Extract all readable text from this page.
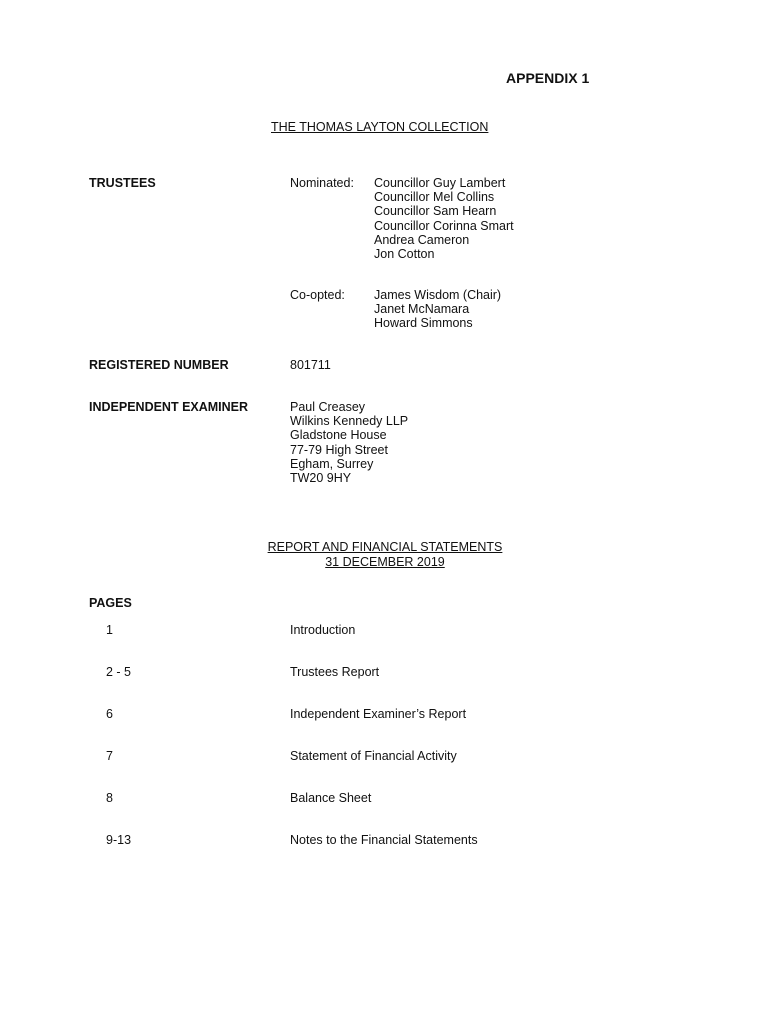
APPENDIX 1
THE THOMAS LAYTON COLLECTION
TRUSTEES	Nominated: Councillor Guy Lambert
Councillor Mel Collins
Councillor Sam Hearn
Councillor Corinna Smart
Andrea Cameron
Jon Cotton
Co-opted: James Wisdom (Chair)
Janet McNamara
Howard Simmons
REGISTERED NUMBER	801711
INDEPENDENT EXAMINER	Paul Creasey
Wilkins Kennedy LLP
Gladstone House
77-79 High Street
Egham, Surrey
TW20 9HY
REPORT AND FINANCIAL STATEMENTS
31 DECEMBER 2019
PAGES
1	Introduction
2 - 5	Trustees Report
6	Independent Examiner’s Report
7	Statement of Financial Activity
8	Balance Sheet
9-13	Notes to the Financial Statements
